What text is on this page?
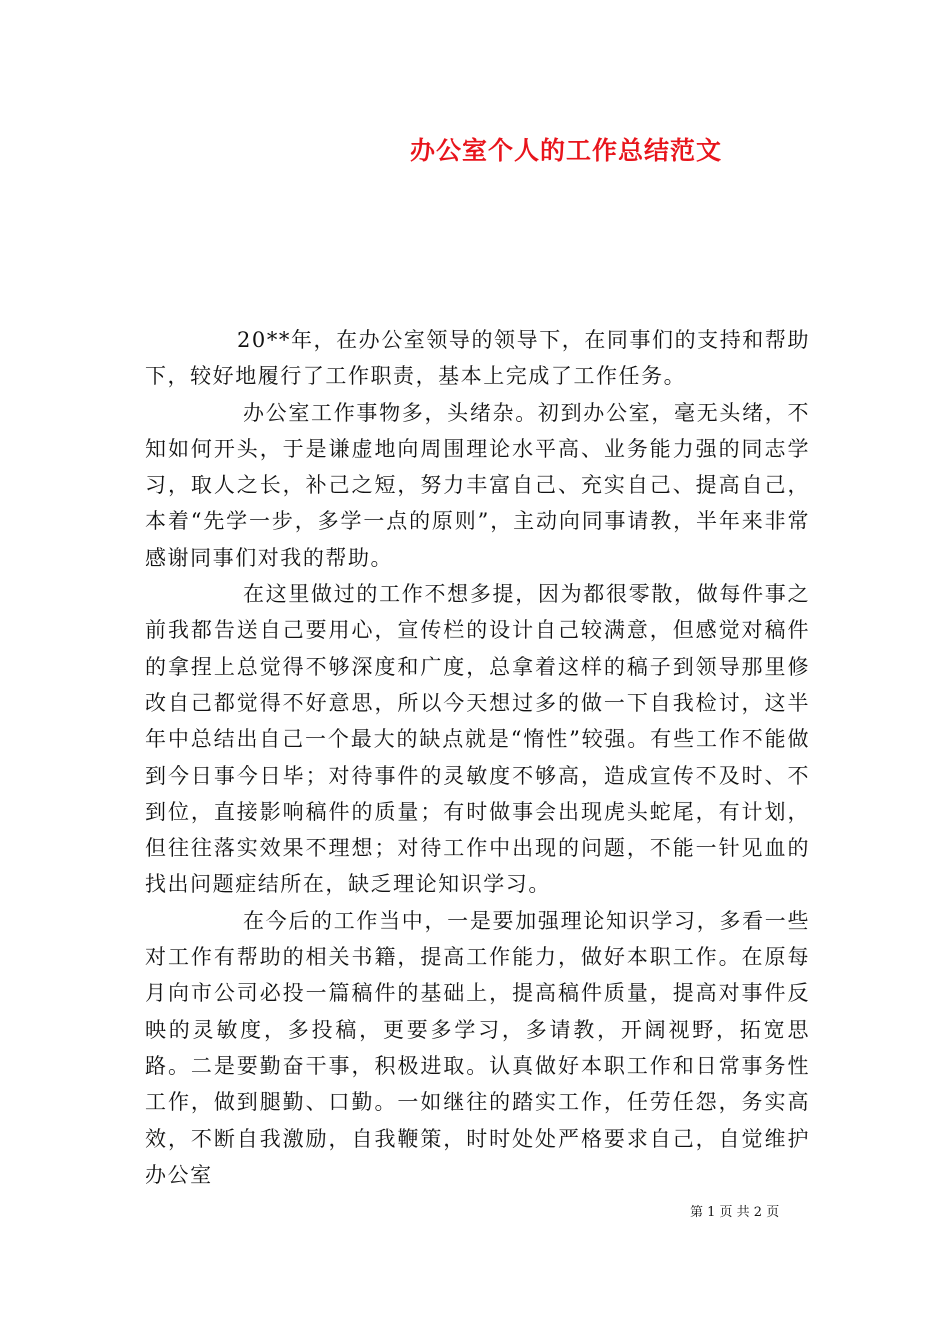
办公室个人的工作总结范文

20**年，在办公室领导的领导下，在同事们的支持和帮助下，较好地履行了工作职责，基本上完成了工作任务。

办公室工作事物多，头绪杂。初到办公室，毫无头绪，不知如何开头，于是谦虚地向周围理论水平高、业务能力强的同志学习，取人之长，补己之短，努力丰富自己、充实自己、提高自己，本着“先学一步，多学一点的原则”，主动向同事请教，半年来非常感谢同事们对我的帮助。

在这里做过的工作不想多提，因为都很零散，做每件事之前我都告送自己要用心，宣传栏的设计自己较满意，但感觉对稿件的拿捏上总觉得不够深度和广度，总拿着这样的稿子到领导那里修改自己都觉得不好意思，所以今天想过多的做一下自我检讨，这半年中总结出自己一个最大的缺点就是“惰性”较强。有些工作不能做到今日事今日毕；对待事件的灵敏度不够高，造成宣传不及时、不到位，直接影响稿件的质量；有时做事会出现虎头蛇尾，有计划，但往往落实效果不理想；对待工作中出现的问题，不能一针见血的找出问题症结所在，缺乏理论知识学习。

在今后的工作当中，一是要加强理论知识学习，多看一些对工作有帮助的相关书籍，提高工作能力，做好本职工作。在原每月向市公司必投一篇稿件的基础上，提高稿件质量，提高对事件反映的灵敏度，多投稿，更要多学习，多请教，开阔视野，拓宽思路。二是要勤奋干事，积极进取。认真做好本职工作和日常事务性工作，做到腿勤、口勤。一如继往的踏实工作，任劳任怨，务实高效，不断自我激励，自我鞭策，时时处处严格要求自己，自觉维护办公室

第 1 页 共 2 页
